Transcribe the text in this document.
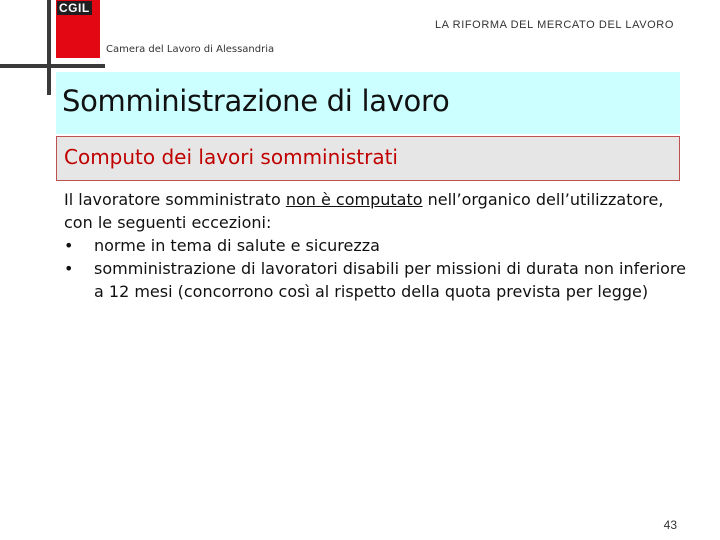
CGIL
LA RIFORMA DEL MERCATO DEL LAVORO
Camera del Lavoro di Alessandria
Somministrazione di lavoro
Computo dei lavori somministrati

Il lavoratore somministrato non è computato nell’organico dell’utilizzatore, con le seguenti eccezioni:

• norme in tema di salute e sicurezza
• somministrazione di lavoratori disabili per missioni di durata non inferiore a 12 mesi (concorrono così al rispetto della quota prevista per legge)
43
